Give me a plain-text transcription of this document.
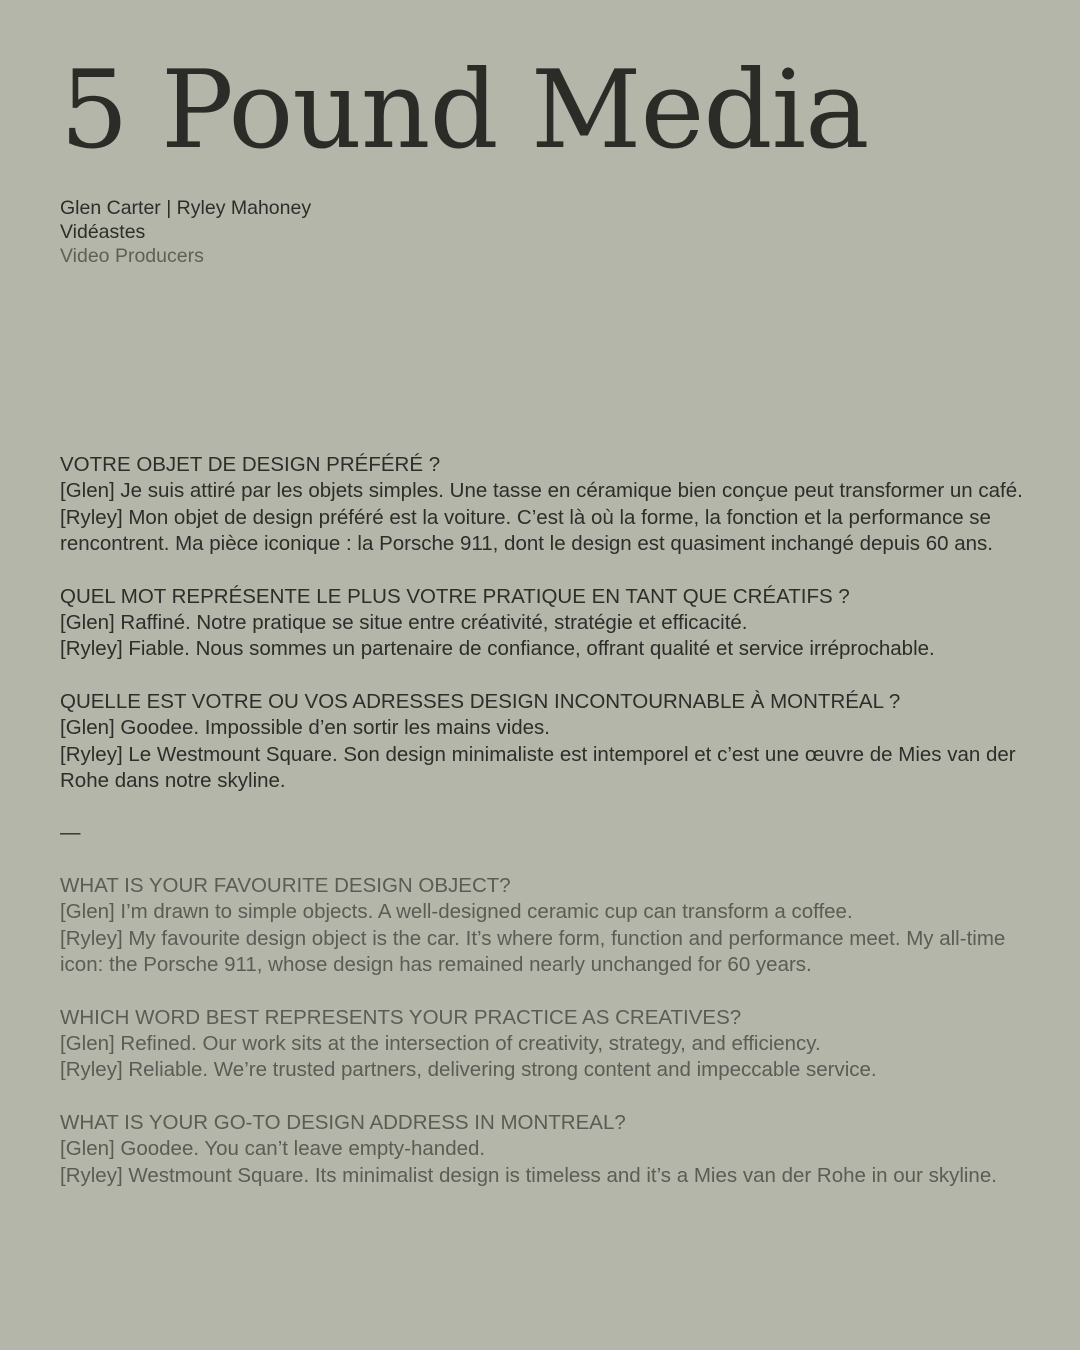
5 Pound Media
Glen Carter | Ryley Mahoney
Vidéastes
Video Producers

VOTRE OBJET DE DESIGN PRÉFÉRÉ ?

[Glen] Je suis attiré par les objets simples. Une tasse en céramique bien conçue peut transformer un café.

[Ryley] Mon objet de design préféré est la voiture. C’est là où la forme, la fonction et la performance se rencontrent. Ma pièce iconique : la Porsche 911, dont le design est quasiment inchangé depuis 60 ans.

QUEL MOT REPRÉSENTE LE PLUS VOTRE PRATIQUE EN TANT QUE CRÉATIFS ?

[Glen] Raffiné. Notre pratique se situe entre créativité, stratégie et efficacité.

[Ryley] Fiable. Nous sommes un partenaire de confiance, offrant qualité et service irréprochable.

QUELLE EST VOTRE OU VOS ADRESSES DESIGN INCONTOURNABLE À MONTRÉAL ?

[Glen] Goodee. Impossible d’en sortir les mains vides.

[Ryley] Le Westmount Square. Son design minimaliste est intemporel et c’est une œuvre de Mies van der Rohe dans notre skyline.

—

WHAT IS YOUR FAVOURITE DESIGN OBJECT?

[Glen] I’m drawn to simple objects. A well-designed ceramic cup can transform a coffee.

[Ryley] My favourite design object is the car. It’s where form, function and performance meet. My all-time icon: the Porsche 911, whose design has remained nearly unchanged for 60 years.

WHICH WORD BEST REPRESENTS YOUR PRACTICE AS CREATIVES?

[Glen] Refined. Our work sits at the intersection of creativity, strategy, and efficiency.

[Ryley] Reliable. We’re trusted partners, delivering strong content and impeccable service.

WHAT IS YOUR GO-TO DESIGN ADDRESS IN MONTREAL?

[Glen] Goodee. You can’t leave empty-handed.

[Ryley] Westmount Square. Its minimalist design is timeless and it’s a Mies van der Rohe in our skyline.
